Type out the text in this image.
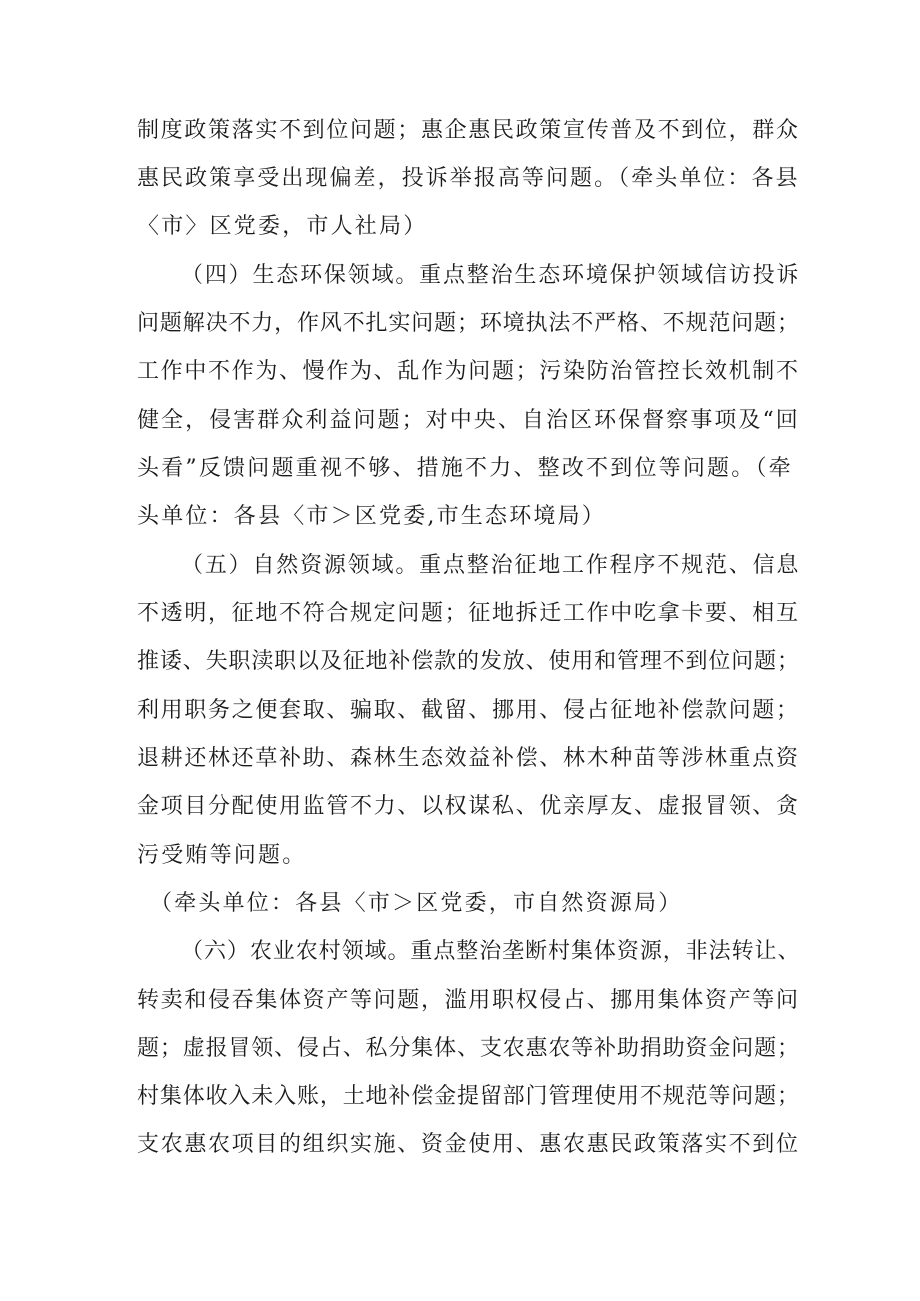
制度政策落实不到位问题；惠企惠民政策宣传普及不到位，群众
惠民政策享受出现偏差，投诉举报高等问题。（牵头单位：各县
〈市〉区党委，市人社局）
（四）生态环保领域。重点整治生态环境保护领域信访投诉
问题解决不力，作风不扎实问题；环境执法不严格、不规范问题；
工作中不作为、慢作为、乱作为问题；污染防治管控长效机制不
健全，侵害群众利益问题；对中央、自治区环保督察事项及“回
头看”反馈问题重视不够、措施不力、整改不到位等问题。（牵
头单位：各县〈市＞区党委,市生态环境局）
（五）自然资源领域。重点整治征地工作程序不规范、信息
不透明，征地不符合规定问题；征地拆迁工作中吃拿卡要、相互
推诿、失职渎职以及征地补偿款的发放、使用和管理不到位问题；
利用职务之便套取、骗取、截留、挪用、侵占征地补偿款问题；
退耕还林还草补助、森林生态效益补偿、林木种苗等涉林重点资
金项目分配使用监管不力、以权谋私、优亲厚友、虚报冒领、贪
污受贿等问题。
（牵头单位：各县〈市＞区党委，市自然资源局）
（六）农业农村领域。重点整治垄断村集体资源，非法转让、
转卖和侵吞集体资产等问题，滥用职权侵占、挪用集体资产等问
题；虚报冒领、侵占、私分集体、支农惠农等补助捐助资金问题；
村集体收入未入账，土地补偿金提留部门管理使用不规范等问题；
支农惠农项目的组织实施、资金使用、惠农惠民政策落实不到位
